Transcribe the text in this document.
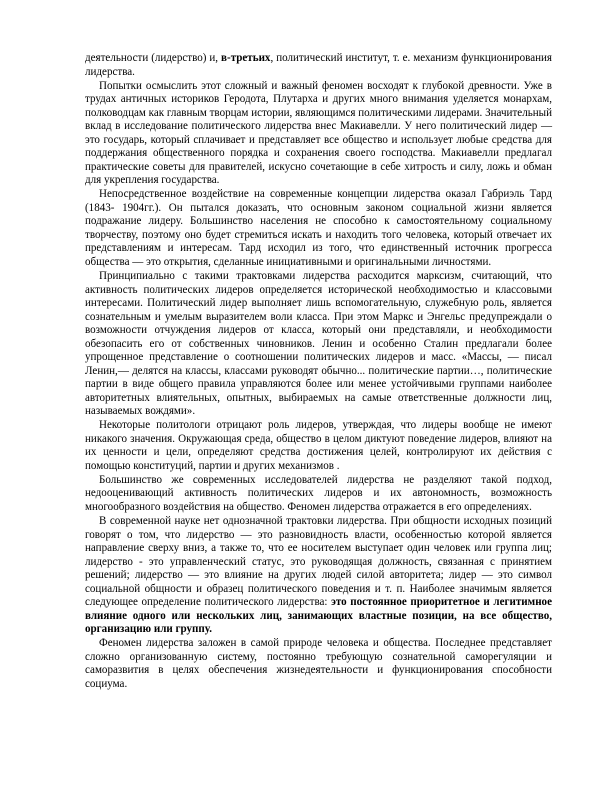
деятельности (лидерство) и, в-третьих, политический институт, т. е. механизм функционирования лидерства.

Попытки осмыслить этот сложный и важный феномен восходят к глубокой древности. Уже в трудах античных историков Геродота, Плутарха и других много внимания уделяется монархам, полководцам как главным творцам истории, являющимся политическими лидерами. Значительный вклад в исследование политического лидерства внес Макиавелли. У него политический лидер — это государь, который сплачивает и представляет все общество и использует любые средства для поддержания общественного порядка и сохранения своего господства. Макиавелли предлагал практические советы для правителей, искусно сочетающие в себе хитрость и силу, ложь и обман для укрепления государства.

Непосредственное воздействие на современные концепции лидерства оказал Габриэль Тард (1843- 1904гг.). Он пытался доказать, что основным законом социальной жизни является подражание лидеру. Большинство населения не способно к самостоятельному социальному творчеству, поэтому оно будет стремиться искать и находить того человека, который отвечает их представлениям и интересам. Тард исходил из того, что единственный источник прогресса общества — это открытия, сделанные инициативными и оригинальными личностями.

Принципиально с такими трактовками лидерства расходится марксизм, считающий, что активность политических лидеров определяется исторической необходимостью и классовыми интересами. Политический лидер выполняет лишь вспомогательную, служебную роль, является сознательным и умелым выразителем воли класса. При этом Маркс и Энгельс предупреждали о возможности отчуждения лидеров от класса, который они представляли, и необходимости обезопасить его от собственных чиновников. Ленин и особенно Сталин предлагали более упрощенное представление о соотношении политических лидеров и масс. «Массы, — писал Ленин,— делятся на классы, классами руководят обычно... политические партии…, политические партии в виде общего правила управляются более или менее устойчивыми группами наиболее авторитетных влиятельных, опытных, выбираемых на самые ответственные должности лиц, называемых вождями».

Некоторые политологи отрицают роль лидеров, утверждая, что лидеры вообще не имеют никакого значения. Окружающая среда, общество в целом диктуют поведение лидеров, влияют на их ценности и цели, определяют средства достижения целей, контролируют их действия с помощью конституций, партии и других механизмов .

Большинство же современных исследователей лидерства не разделяют такой подход, недооценивающий активность политических лидеров и их автономность, возможность многообразного воздействия на общество. Феномен лидерства отражается в его определениях.

В современной науке нет однозначной трактовки лидерства. При общности исходных позиций говорят о том, что лидерство — это разновидность власти, особенностью которой является направление сверху вниз, а также то, что ее носителем выступает один человек или группа лиц; лидерство - это управленческий статус, это руководящая должность, связанная с принятием решений; лидерство — это влияние на других людей силой авторитета; лидер — это символ социальной общности и образец политического поведения и т. п. Наиболее значимым является следующее определение политического лидерства: это постоянное приоритетное и легитимное влияние одного или нескольких лиц, занимающих властные позиции, на все общество, организацию или группу.

Феномен лидерства заложен в самой природе человека и общества. Последнее представляет сложно организованную систему, постоянно требующую сознательной саморегуляции и саморазвития в целях обеспечения жизнедеятельности и функционирования способности социума.
